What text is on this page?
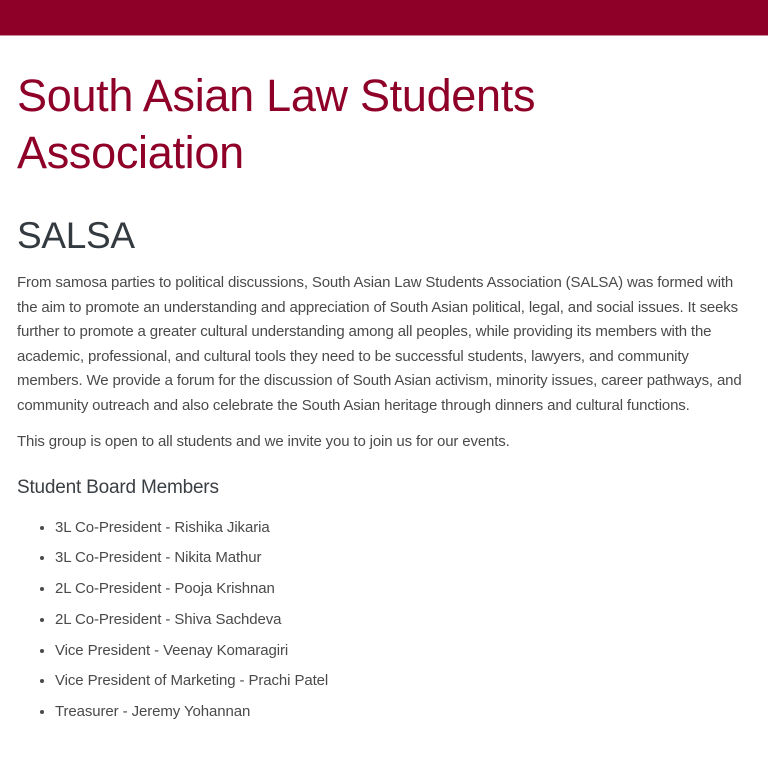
South Asian Law Students Association
SALSA

From samosa parties to political discussions, South Asian Law Students Association (SALSA) was formed with the aim to promote an understanding and appreciation of South Asian political, legal, and social issues. It seeks further to promote a greater cultural understanding among all peoples, while providing its members with the academic, professional, and cultural tools they need to be successful students, lawyers, and community members. We provide a forum for the discussion of South Asian activism, minority issues, career pathways, and community outreach and also celebrate the South Asian heritage through dinners and cultural functions.

This group is open to all students and we invite you to join us for our events.

Student Board Members
• 3L Co-President - Rishika Jikaria
• 3L Co-President - Nikita Mathur
• 2L Co-President - Pooja Krishnan
• 2L Co-President - Shiva Sachdeva
• Vice President - Veenay Komaragiri
• Vice President of Marketing - Prachi Patel
• Treasurer - Jeremy Yohannan
